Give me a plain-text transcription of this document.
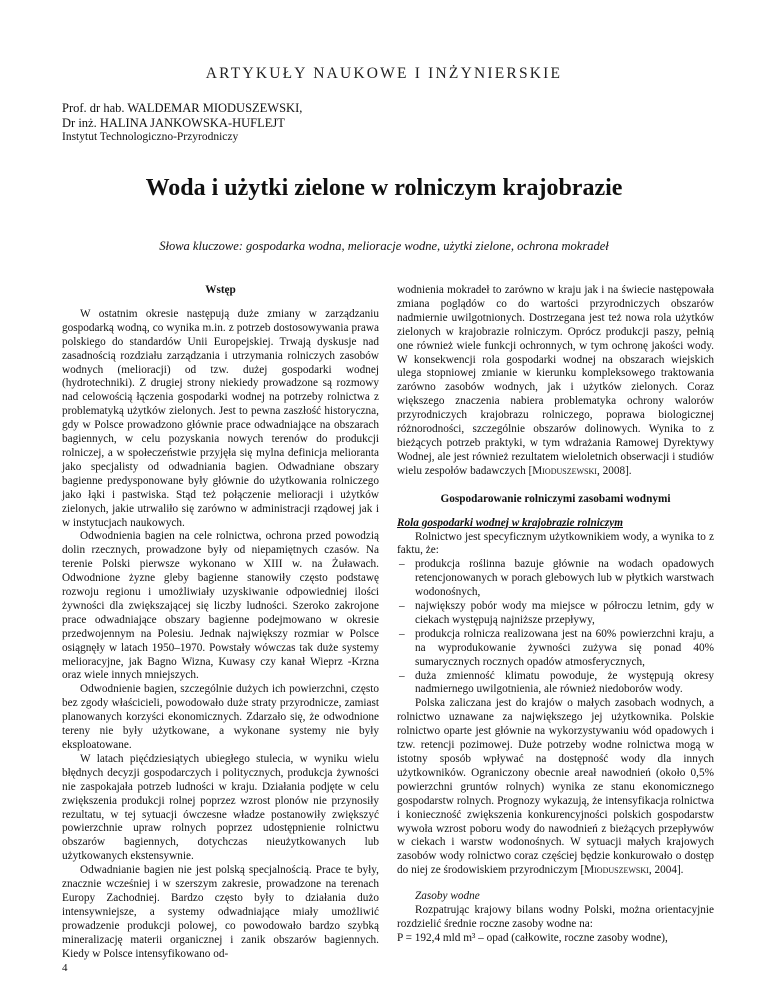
ARTYKUŁY NAUKOWE I INŻYNIERSKIE
Prof. dr hab. WALDEMAR MIODUSZEWSKI,
Dr inż. HALINA JANKOWSKA-HUFLEJT
Instytut Technologiczno-Przyrodniczy
Woda i użytki zielone w rolniczym krajobrazie
Słowa kluczowe: gospodarka wodna, melioracje wodne, użytki zielone, ochrona mokradeł
Wstęp

W ostatnim okresie następują duże zmiany w zarządzaniu gospodarką wodną, co wynika m.in. z potrzeb dostosowywania prawa polskiego do standardów Unii Europejskiej. Trwają dyskusje nad zasadnością rozdziału zarządzania i utrzymania rolniczych zasobów wodnych (melioracji) od tzw. dużej gospodarki wodnej (hydrotechniki). Z drugiej strony niekiedy prowadzone są rozmowy nad celowością łączenia gospodarki wodnej na potrzeby rolnictwa z problematyką użytków zielonych. Jest to pewna zaszłość historyczna, gdy w Polsce prowadzono głównie prace odwadniające na obszarach bagiennych, w celu pozyskania nowych terenów do produkcji rolniczej, a w społeczeństwie przyjęła się mylna definicja melioranta jako specjalisty od odwadniania bagien. Odwadniane obszary bagienne predysponowane były głównie do użytkowania rolniczego jako łąki i pastwiska. Stąd też połączenie melioracji i użytków zielonych, jakie utrwaliło się zarówno w administracji rządowej jak i w instytucjach naukowych.

Odwodnienia bagien na cele rolnictwa, ochrona przed powodzią dolin rzecznych, prowadzone były od niepamiętnych czasów. Na terenie Polski pierwsze wykonano w XIII w. na Żuławach. Odwodnione żyzne gleby bagienne stanowiły często podstawę rozwoju regionu i umożliwiały uzyskiwanie odpowiedniej ilości żywności dla zwiększającej się liczby ludności. Szeroko zakrojone prace odwadniające obszary bagienne podejmowano w okresie przedwojennym na Polesiu. Jednak największy rozmiar w Polsce osiągnęły w latach 1950–1970. Powstały wówczas tak duże systemy melioracyjne, jak Bagno Wizna, Kuwasy czy kanał Wieprz -Krzna oraz wiele innych mniejszych.

Odwodnienie bagien, szczególnie dużych ich powierzchni, często bez zgody właścicieli, powodowało duże straty przyrodnicze, zamiast planowanych korzyści ekonomicznych. Zdarzało się, że odwodnione tereny nie były użytkowane, a wykonane systemy nie były eksploatowane.

W latach pięćdziesiątych ubiegłego stulecia, w wyniku wielu błędnych decyzji gospodarczych i politycznych, produkcja żywności nie zaspokajała potrzeb ludności w kraju. Działania podjęte w celu zwiększenia produkcji rolnej poprzez wzrost plonów nie przynosiły rezultatu, w tej sytuacji ówczesne władze postanowiły zwiększyć powierzchnie upraw rolnych poprzez udostępnienie rolnictwu obszarów bagiennych, dotychczas nieużytkowanych lub użytkowanych ekstensywnie.

Odwadnianie bagien nie jest polską specjalnością. Prace te były, znacznie wcześniej i w szerszym zakresie, prowadzone na terenach Europy Zachodniej. Bardzo często były to działania dużo intensywniejsze, a systemy odwadniające miały umożliwić prowadzenie produkcji polowej, co powodowało bardzo szybką mineralizację materii organicznej i zanik obszarów bagiennych. Kiedy w Polsce intensyfikowano od-

wodnienia mokradeł to zarówno w kraju jak i na świecie następowała zmiana poglądów co do wartości przyrodniczych obszarów nadmiernie uwilgotnionych. Dostrzegana jest też nowa rola użytków zielonych w krajobrazie rolniczym. Oprócz produkcji paszy, pełnią one również wiele funkcji ochronnych, w tym ochronę jakości wody. W konsekwencji rola gospodarki wodnej na obszarach wiejskich ulega stopniowej zmianie w kierunku kompleksowego traktowania zarówno zasobów wodnych, jak i użytków zielonych. Coraz większego znaczenia nabiera problematyka ochrony walorów przyrodniczych krajobrazu rolniczego, poprawa biologicznej różnorodności, szczególnie obszarów dolinowych. Wynika to z bieżących potrzeb praktyki, w tym wdrażania Ramowej Dyrektywy Wodnej, ale jest również rezultatem wieloletnich obserwacji i studiów wielu zespołów badawczych [Mioduszewski, 2008].

Gospodarowanie rolniczymi zasobami wodnymi
Rola gospodarki wodnej w krajobrazie rolniczym

Rolnictwo jest specyficznym użytkownikiem wody, a wynika to z faktu, że:

– produkcja roślinna bazuje głównie na wodach opadowych retencjonowanych w porach glebowych lub w płytkich warstwach wodonośnych,
– największy pobór wody ma miejsce w półroczu letnim, gdy w ciekach występują najniższe przepływy,
– produkcja rolnicza realizowana jest na 60% powierzchni kraju, a na wyprodukowanie żywności zużywa się ponad 40% sumarycznych rocznych opadów atmosferycznych,
– duża zmienność klimatu powoduje, że występują okresy nadmiernego uwilgotnienia, ale również niedoborów wody.

Polska zaliczana jest do krajów o małych zasobach wodnych, a rolnictwo uznawane za największego jej użytkownika. Polskie rolnictwo oparte jest głównie na wykorzystywaniu wód opadowych i tzw. retencji pozimowej. Duże potrzeby wodne rolnictwa mogą w istotny sposób wpływać na dostępność wody dla innych użytkowników. Ograniczony obecnie areał nawodnień (około 0,5% powierzchni gruntów rolnych) wynika ze stanu ekonomicznego gospodarstw rolnych. Prognozy wykazują, że intensyfikacja rolnictwa i konieczność zwiększenia konkurencyjności polskich gospodarstw wywoła wzrost poboru wody do nawodnień z bieżących przepływów w ciekach i warstw wodonośnych. W sytuacji małych krajowych zasobów wody rolnictwo coraz częściej będzie konkurowało o dostęp do niej ze środowiskiem przyrodniczym [Mioduszewski, 2004].

Zasoby wodne

Rozpatrując krajowy bilans wodny Polski, można orientacyjnie rozdzielić średnie roczne zasoby wodne na:

P = 192,4 mld m³ – opad (całkowite, roczne zasoby wodne),

4
